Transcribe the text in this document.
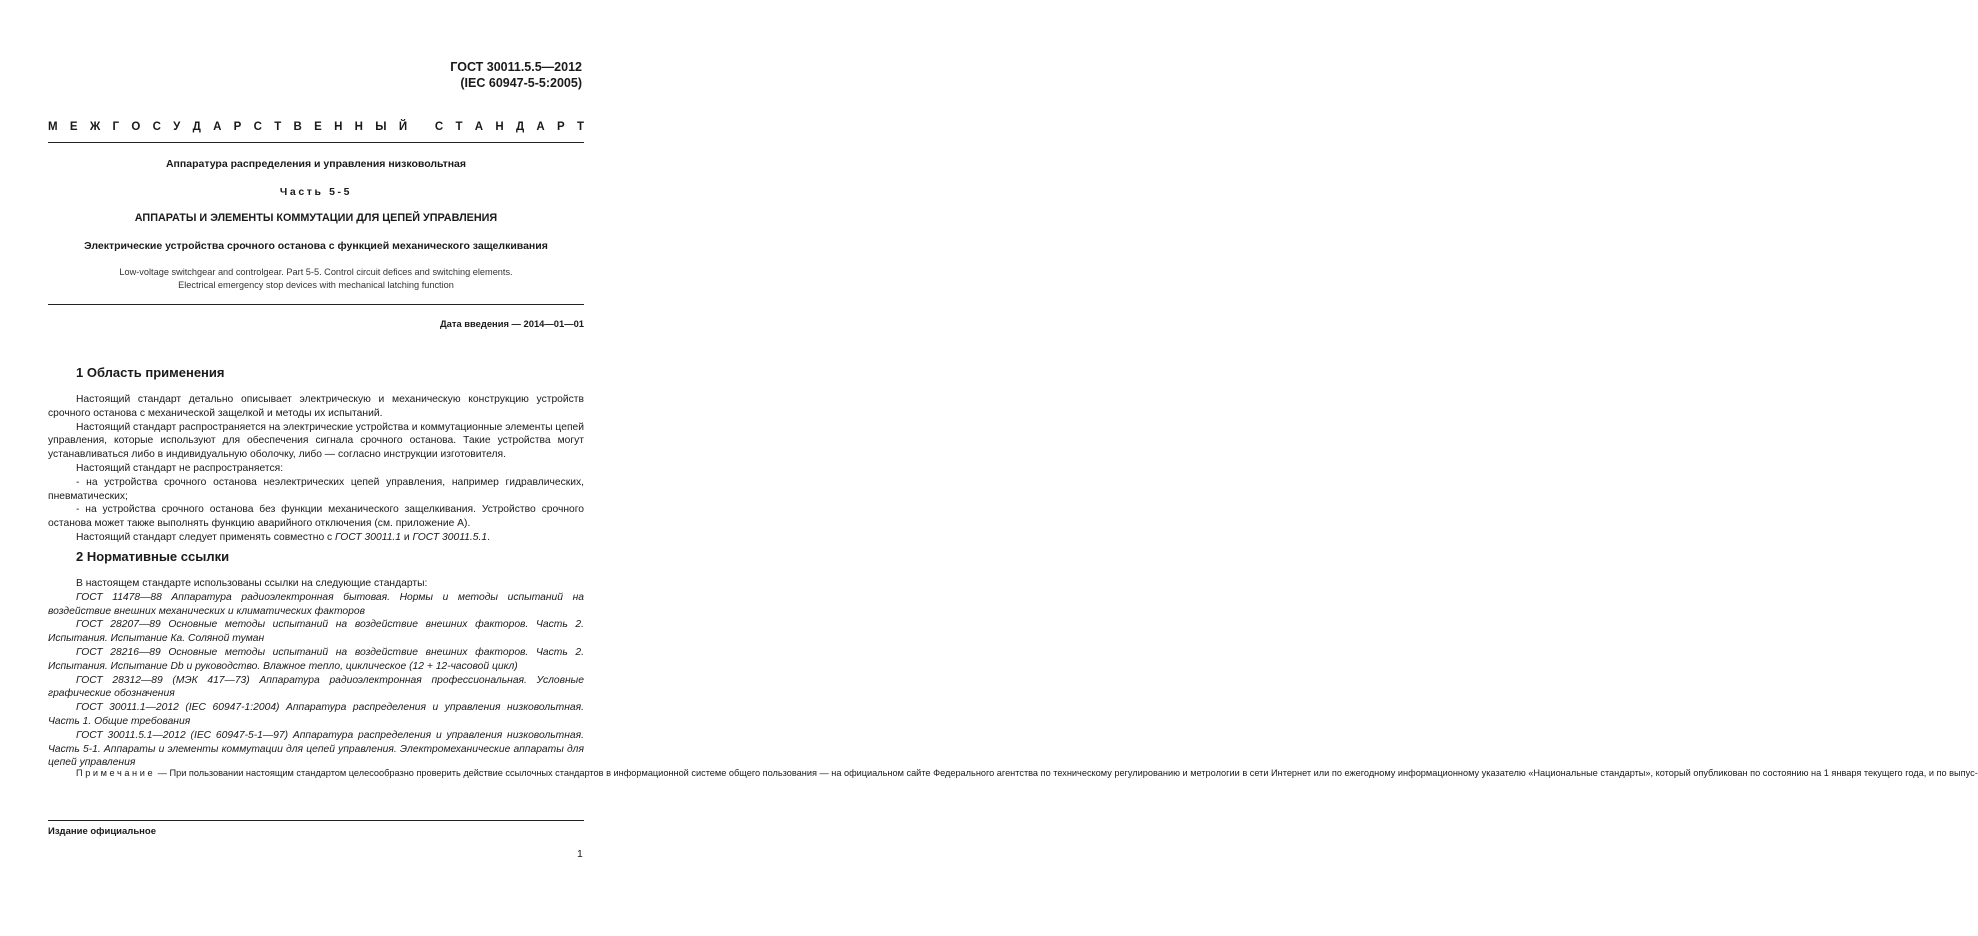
ГОСТ 30011.5.5—2012
(IEC 60947-5-5:2005)
М Е Ж Г О С У Д А Р С Т В Е Н Н Ы Й
С Т А Н Д А Р Т
Аппаратура распределения и управления низковольтная
Часть 5-5
АППАРАТЫ И ЭЛЕМЕНТЫ КОММУТАЦИИ ДЛЯ ЦЕПЕЙ УПРАВЛЕНИЯ
Электрические устройства срочного останова с функцией механического защелкивания
Low-voltage switchgear and controlgear. Part 5-5. Control circuit defices and switching elements.
Electrical emergency stop devices with mechanical latching function
Дата введения — 2014—01—01
1 Область применения

Настоящий стандарт детально описывает электрическую и механическую конструкцию устройств срочного останова с механической защелкой и методы их испытаний.

Настоящий стандарт распространяется на электрические устройства и коммутационные элементы цепей управления, которые используют для обеспечения сигнала срочного останова. Такие устройства могут устанавливаться либо в индивидуальную оболочку, либо — согласно инструкции изготовителя.

Настоящий стандарт не распространяется:

- на устройства срочного останова неэлектрических цепей управления, например гидравлических, пневматических;

- на устройства срочного останова без функции механического защелкивания. Устройство срочного останова может также выполнять функцию аварийного отключения (см. приложение А).

Настоящий стандарт следует применять совместно с ГОСТ 30011.1 и ГОСТ 30011.5.1.

2 Нормативные ссылки

В настоящем стандарте использованы ссылки на следующие стандарты:

ГОСТ 11478—88 Аппаратура радиоэлектронная бытовая. Нормы и методы испытаний на воздействие внешних механических и климатических факторов

ГОСТ 28207—89 Основные методы испытаний на воздействие внешних факторов. Часть 2. Испытания. Испытание Ка. Соляной туман

ГОСТ 28216—89 Основные методы испытаний на воздействие внешних факторов. Часть 2. Испытания. Испытание Db и руководство. Влажное тепло, циклическое (12 + 12-часовой цикл)

ГОСТ 28312—89 (МЭК 417—73) Аппаратура радиоэлектронная профессиональная. Условные графические обозначения

ГОСТ 30011.1—2012 (IEC 60947-1:2004) Аппаратура распределения и управления низковольтная. Часть 1. Общие требования

ГОСТ 30011.5.1—2012 (IEC 60947-5-1—97) Аппаратура распределения и управления низковольтная. Часть 5-1. Аппараты и элементы коммутации для цепей управления. Электромеханические аппараты для цепей управления

Примечание — При пользовании настоящим стандартом целесообразно проверить действие ссылочных стандартов в информационной системе общего пользования — на официальном сайте Федерального агентства по техническому регулированию и метрологии в сети Интернет или по ежегодному информационному указателю «Национальные стандарты», который опубликован по состоянию на 1 января текущего года, и по выпус-

Издание официальное
1
